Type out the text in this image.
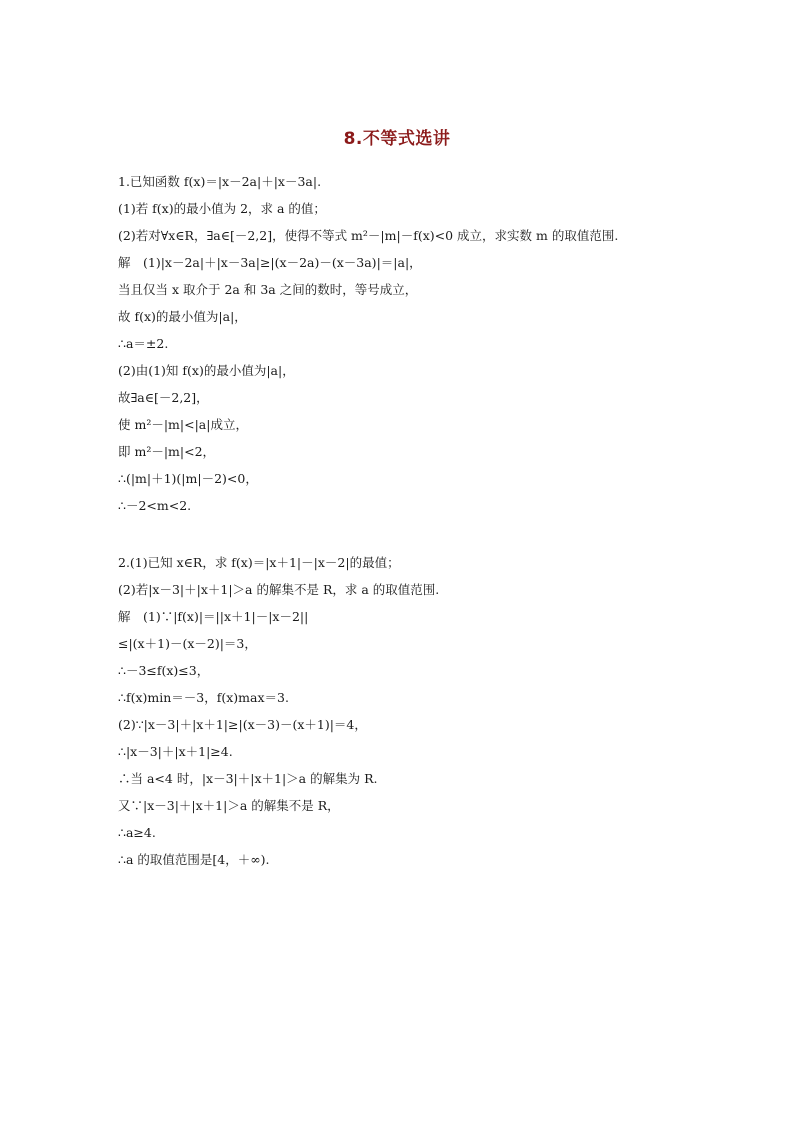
8.不等式选讲
1.已知函数 f(x)＝|x－2a|＋|x－3a|.
(1)若 f(x)的最小值为 2，求 a 的值；
(2)若对∀x∈R，∃a∈[－2,2]，使得不等式 m²－|m|－f(x)<0 成立，求实数 m 的取值范围.
解　(1)|x－2a|＋|x－3a|≥|(x－2a)－(x－3a)|＝|a|，
当且仅当 x 取介于 2a 和 3a 之间的数时，等号成立，
故 f(x)的最小值为|a|，
∴a＝±2.
(2)由(1)知 f(x)的最小值为|a|，
故∃a∈[－2,2]，
使 m²－|m|<|a|成立，
即 m²－|m|<2，
∴(|m|＋1)(|m|－2)<0，
∴－2<m<2.
2.(1)已知 x∈R，求 f(x)＝|x＋1|－|x－2|的最值；
(2)若|x－3|＋|x＋1|＞a 的解集不是 R，求 a 的取值范围.
解　(1)∵|f(x)|＝||x＋1|－|x－2||
≤|(x＋1)－(x－2)|＝3，
∴－3≤f(x)≤3，
∴f(x)min＝－3，f(x)max＝3.
(2)∵|x－3|＋|x＋1|≥|(x－3)－(x＋1)|＝4，
∴|x－3|＋|x＋1|≥4.
∴当 a<4 时，|x－3|＋|x＋1|＞a 的解集为 R.
又∵|x－3|＋|x＋1|＞a 的解集不是 R，
∴a≥4.
∴a 的取值范围是[4，＋∞).
